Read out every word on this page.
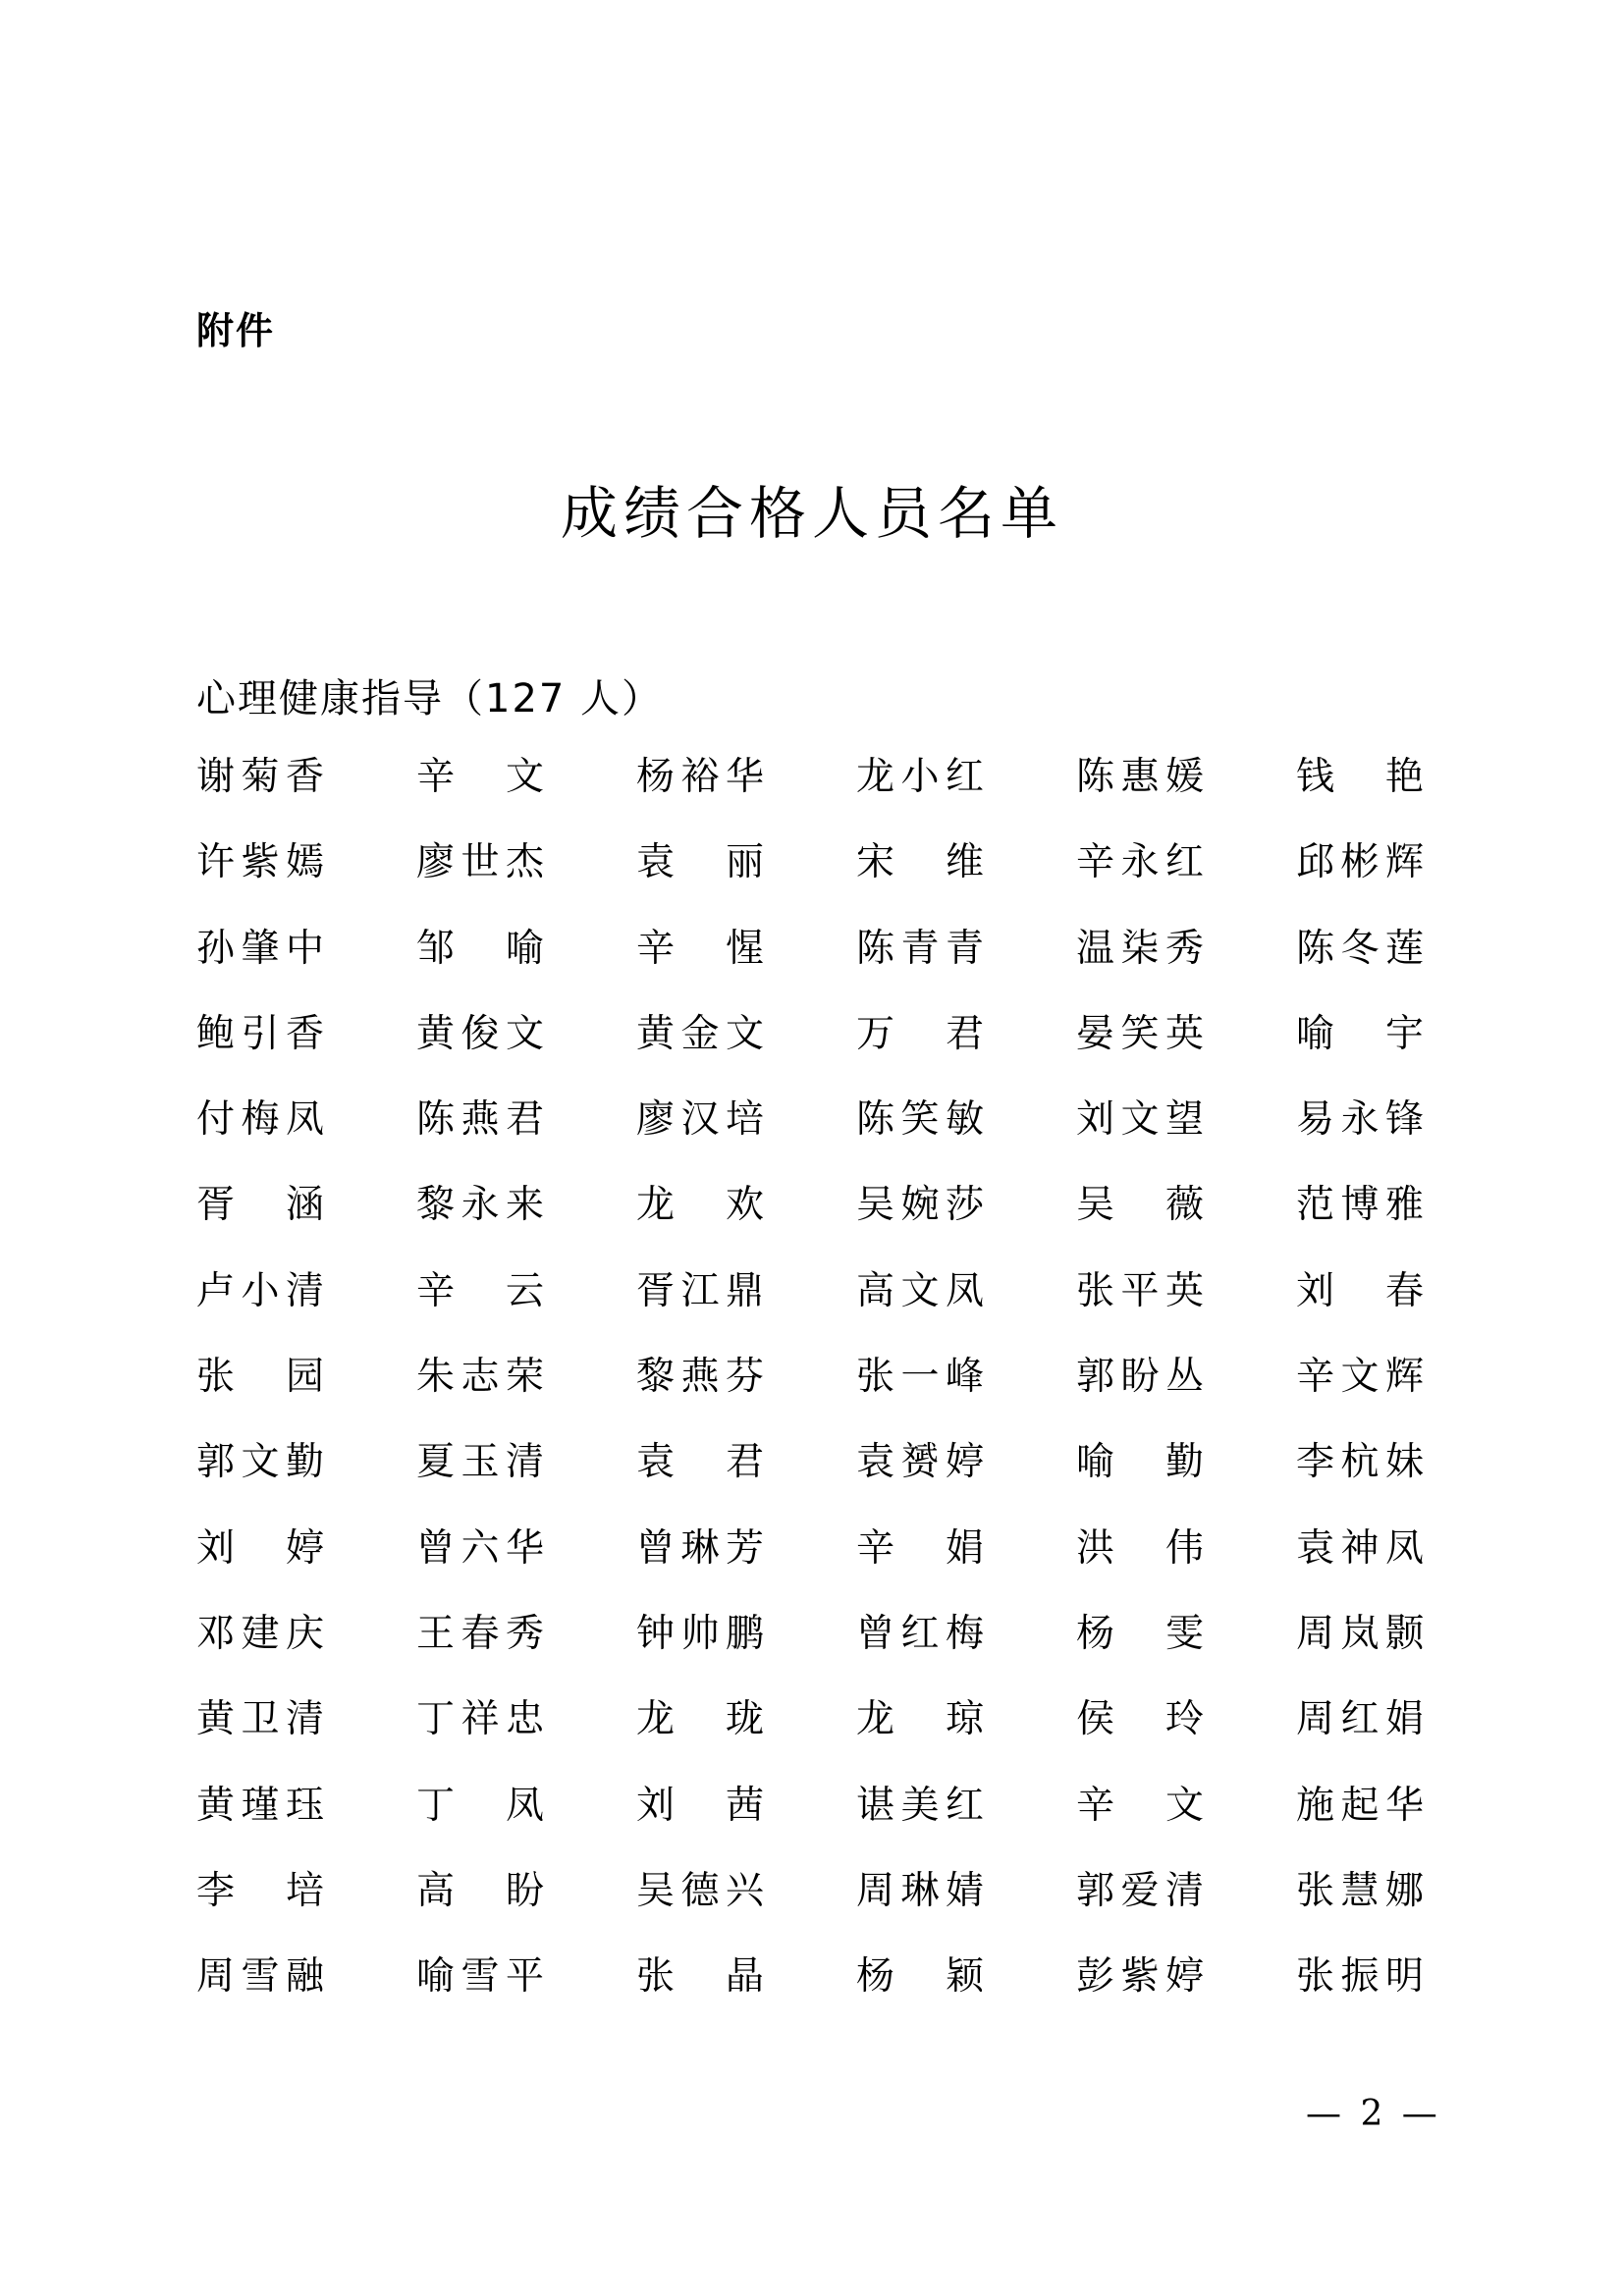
附件
成绩合格人员名单
心理健康指导（127 人）
谢菊香 辛 文 杨裕华 龙小红 陈惠媛 钱 艳
许紫嫣 廖世杰 袁 丽 宋 维 辛永红 邱彬辉
孙肇中 邹 喻 辛 惺 陈青青 温柒秀 陈冬莲
鲍引香 黄俊文 黄金文 万 君 晏笑英 喻 宇
付梅凤 陈燕君 廖汉培 陈笑敏 刘文望 易永锋
胥 涵 黎永来 龙 欢 吴婉莎 吴 薇 范博雅
卢小清 辛 云 胥江鼎 高文凤 张平英 刘 春
张 园 朱志荣 黎燕芬 张一峰 郭盼丛 辛文辉
郭文勤 夏玉清 袁 君 袁赟婷 喻 勤 李杭妹
刘 婷 曾六华 曾琳芳 辛 娟 洪 伟 袁神凤
邓建庆 王春秀 钟帅鹏 曾红梅 杨 雯 周岚颢
黄卫清 丁祥忠 龙 珑 龙 琼 侯 玲 周红娟
黄瑾珏 丁 凤 刘 茜 谌美红 辛 文 施起华
李 培 高 盼 吴德兴 周琳婧 郭爱清 张慧娜
周雪融 喻雪平 张 晶 杨 颖 彭紫婷 张振明
— 2 —
